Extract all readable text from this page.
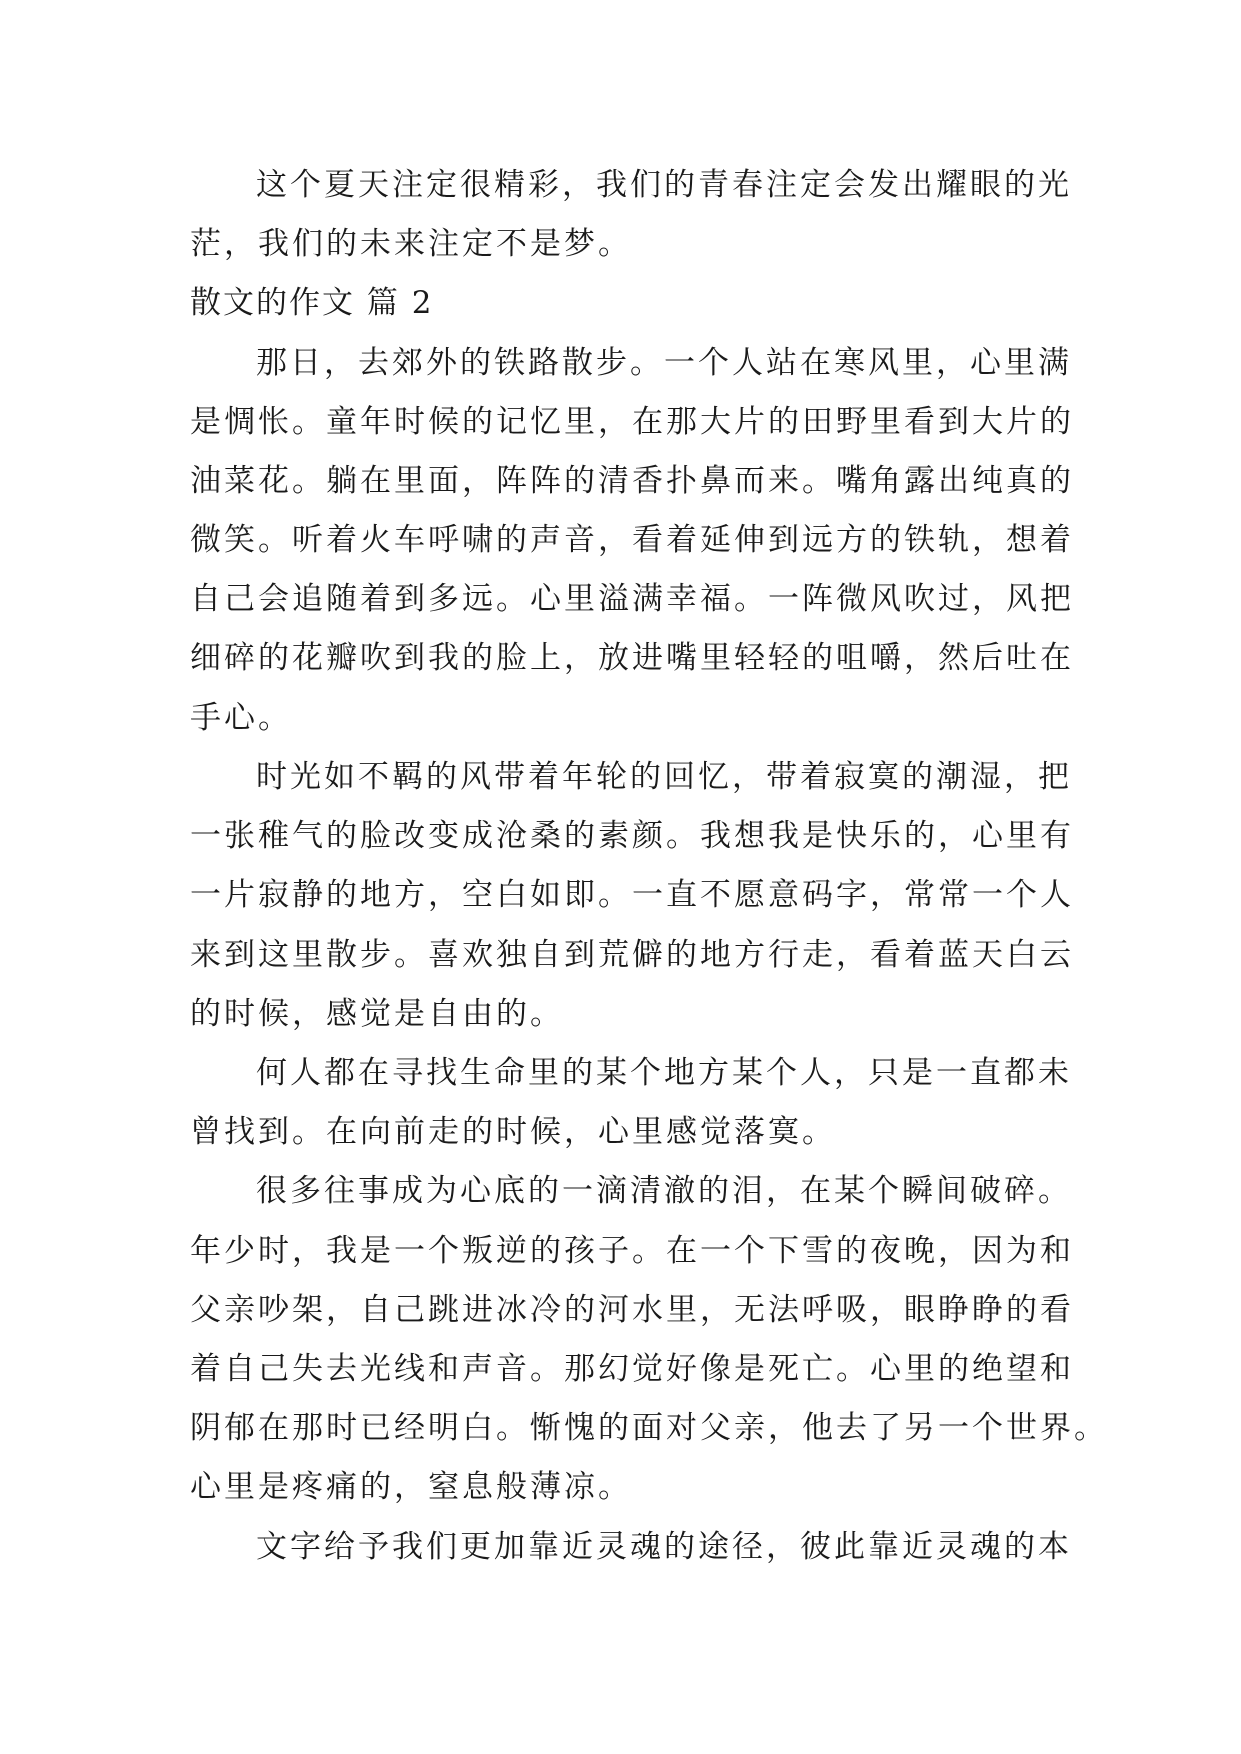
这个夏天注定很精彩，我们的青春注定会发出耀眼的光
茫，我们的未来注定不是梦。
散文的作文 篇 2
那日，去郊外的铁路散步。一个人站在寒风里，心里满
是惆怅。童年时候的记忆里，在那大片的田野里看到大片的
油菜花。躺在里面，阵阵的清香扑鼻而来。嘴角露出纯真的
微笑。听着火车呼啸的声音，看着延伸到远方的铁轨，想着
自己会追随着到多远。心里溢满幸福。一阵微风吹过，风把
细碎的花瓣吹到我的脸上，放进嘴里轻轻的咀嚼，然后吐在
手心。
时光如不羁的风带着年轮的回忆，带着寂寞的潮湿，把
一张稚气的脸改变成沧桑的素颜。我想我是快乐的，心里有
一片寂静的地方，空白如即。一直不愿意码字，常常一个人
来到这里散步。喜欢独自到荒僻的地方行走，看着蓝天白云
的时候，感觉是自由的。
何人都在寻找生命里的某个地方某个人，只是一直都未
曾找到。在向前走的时候，心里感觉落寞。
很多往事成为心底的一滴清澈的泪，在某个瞬间破碎。
年少时，我是一个叛逆的孩子。在一个下雪的夜晚，因为和
父亲吵架，自己跳进冰冷的河水里，无法呼吸，眼睁睁的看
着自己失去光线和声音。那幻觉好像是死亡。心里的绝望和
阴郁在那时已经明白。惭愧的面对父亲，他去了另一个世界。
心里是疼痛的，窒息般薄凉。
文字给予我们更加靠近灵魂的途径，彼此靠近灵魂的本
